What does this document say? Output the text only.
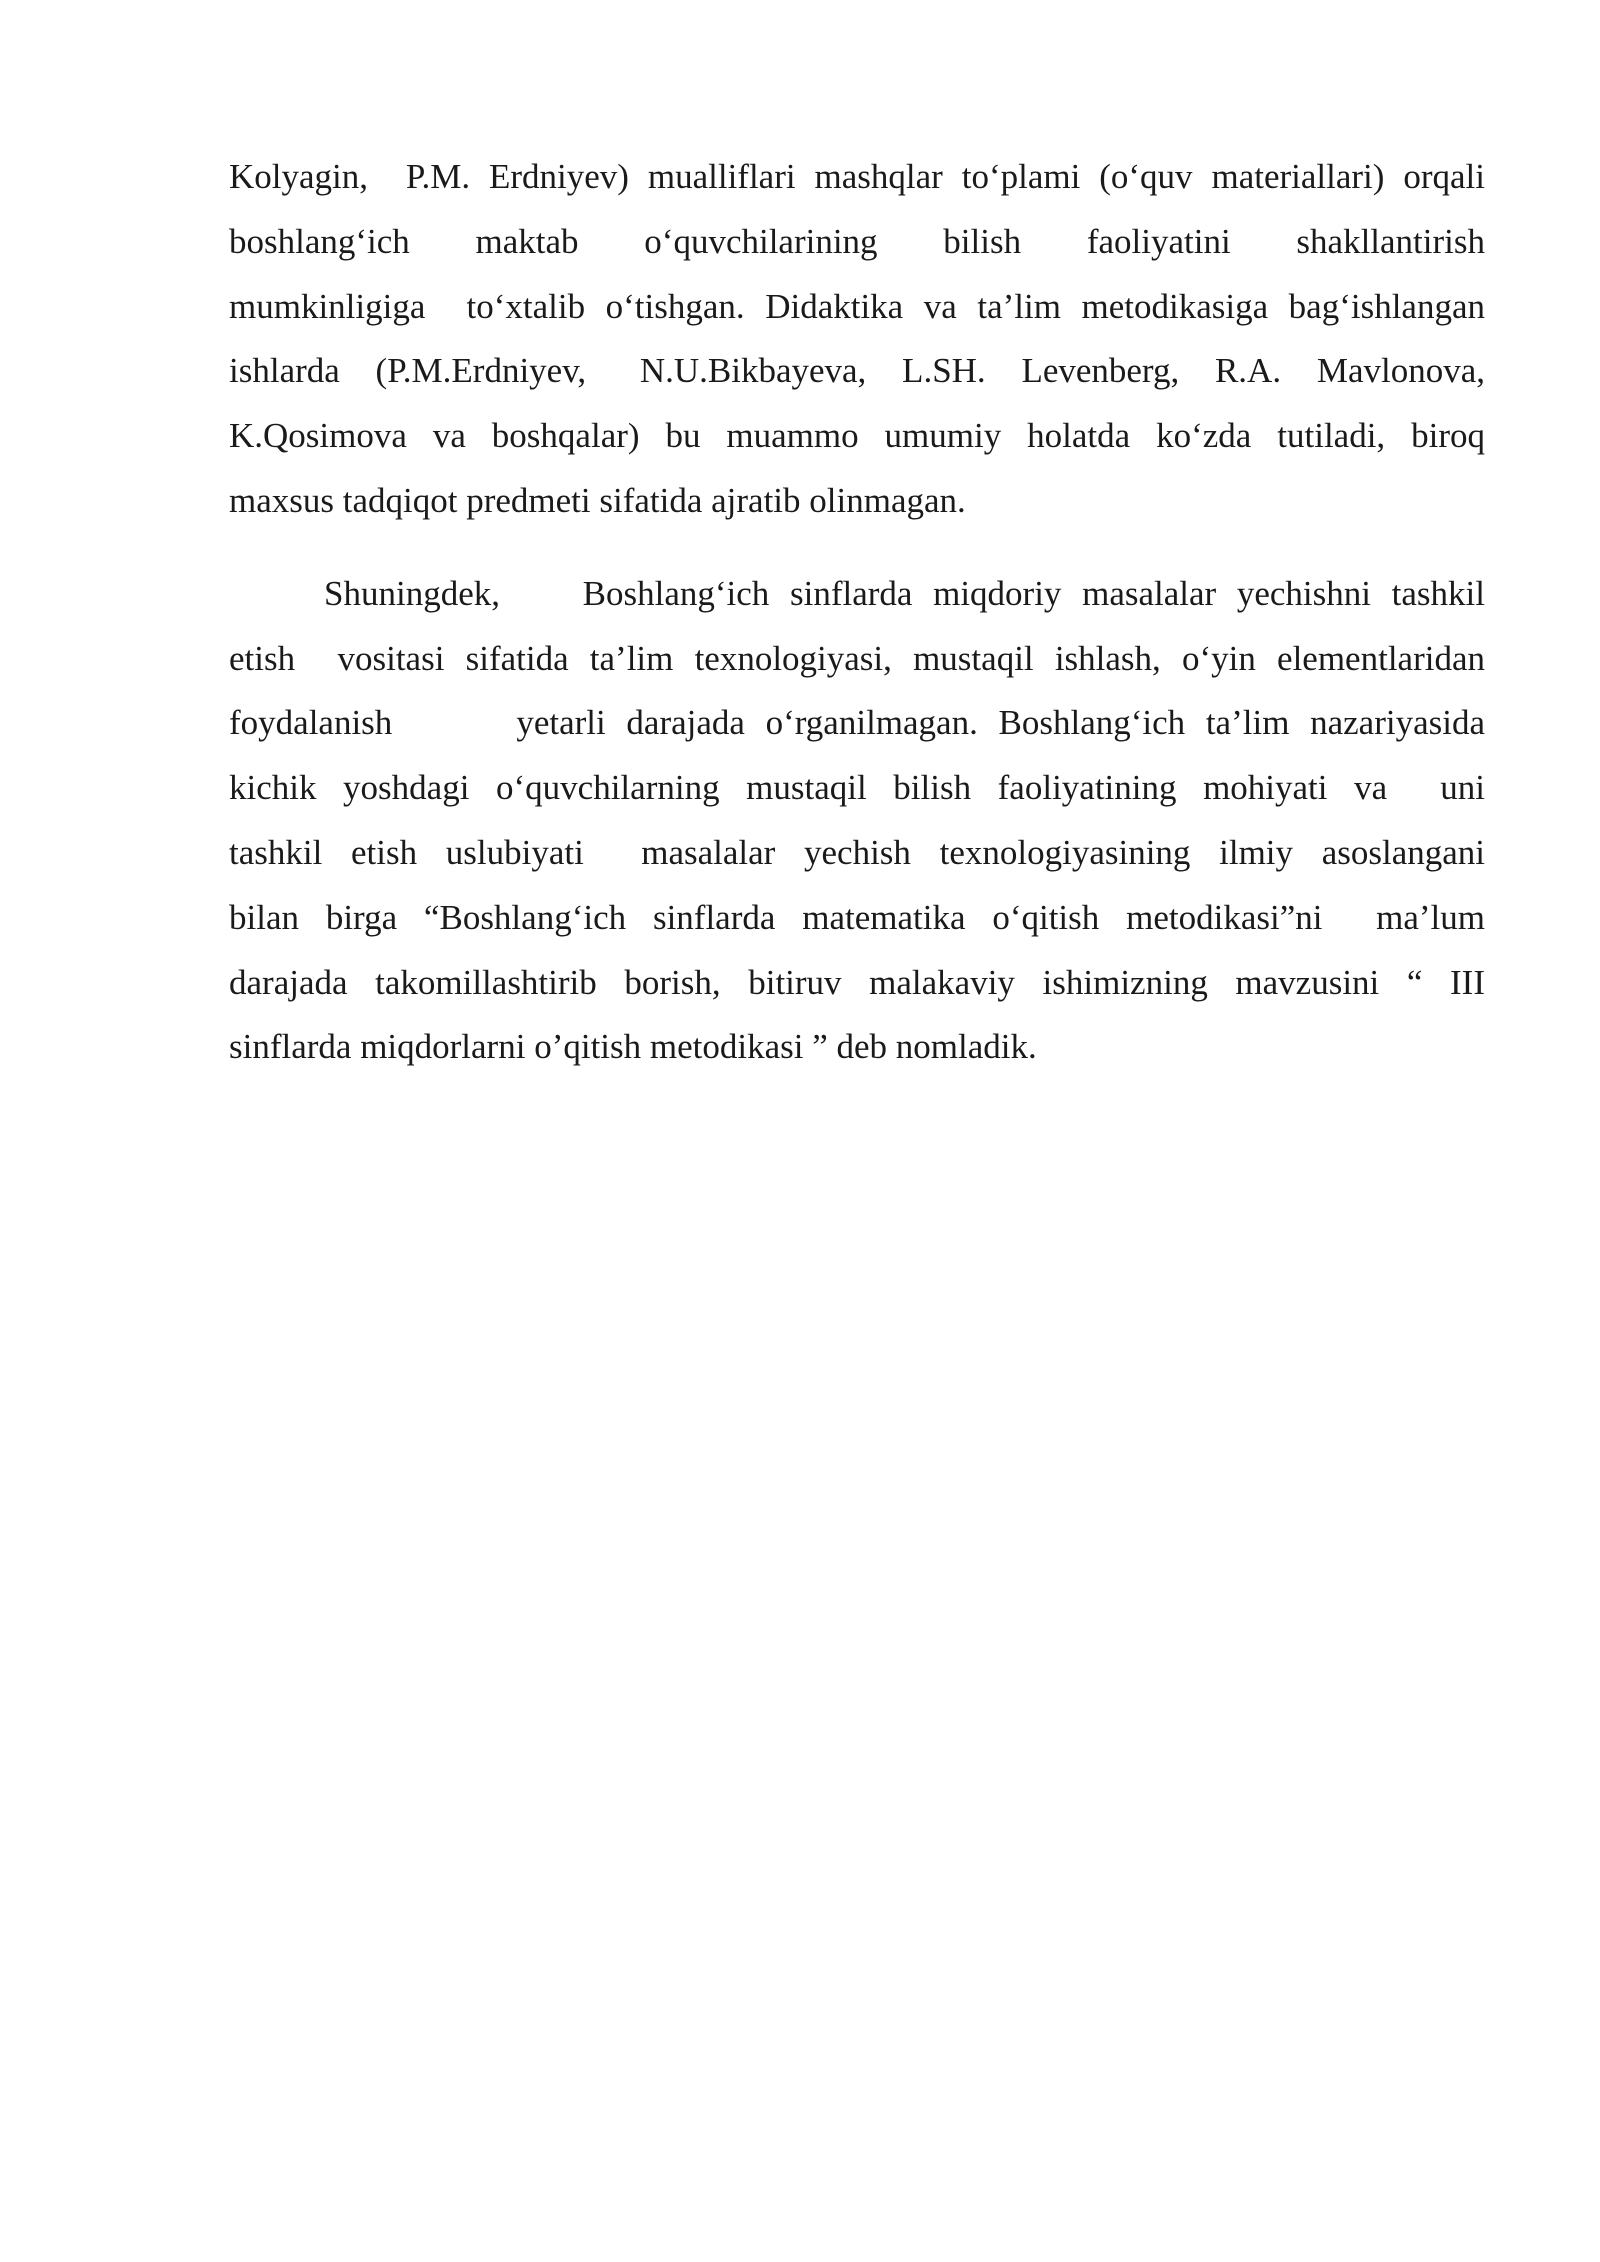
Kolyagin,  P.M. Erdniyev) mualliflari mashqlar to‘plami (o‘quv materiallari) orqali
boshlang‘ich   maktab   o‘quvchilarining   bilish   faoliyatini   shakllantirish
mumkinligiga  to‘xtalib o‘tishgan. Didaktika va ta’lim metodikasiga bag‘ishlangan
ishlarda  (P.M.Erdniyev,   N.U.Bikbayeva,  L.SH.  Levenberg,  R.A.  Mavlonova,
K.Qosimova  va  boshqalar)  bu  muammo  umumiy  holatda  ko‘zda  tutiladi,  biroq
maxsus tadqiqot predmeti sifatida ajratib olinmagan.
Shuningdek,    Boshlang‘ich sinflarda miqdoriy masalalar yechishni tashkil
etish  vositasi sifatida ta’lim texnologiyasi, mustaqil ishlash, o‘yin elementlaridan
foydalanish      yetarli darajada o‘rganilmagan. Boshlang‘ich ta’lim nazariyasida
kichik yoshdagi o‘quvchilarning mustaqil bilish faoliyatining mohiyati va  uni
tashkil etish uslubiyati  masalalar yechish texnologiyasining ilmiy asoslangani
bilan birga “Boshlang‘ich sinflarda matematika o‘qitish metodikasi”ni  ma’lum
darajada takomillashtirib borish, bitiruv malakaviy ishimizning mavzusini “ III
sinflarda miqdorlarni o’qitish metodikasi ” deb nomladik.
